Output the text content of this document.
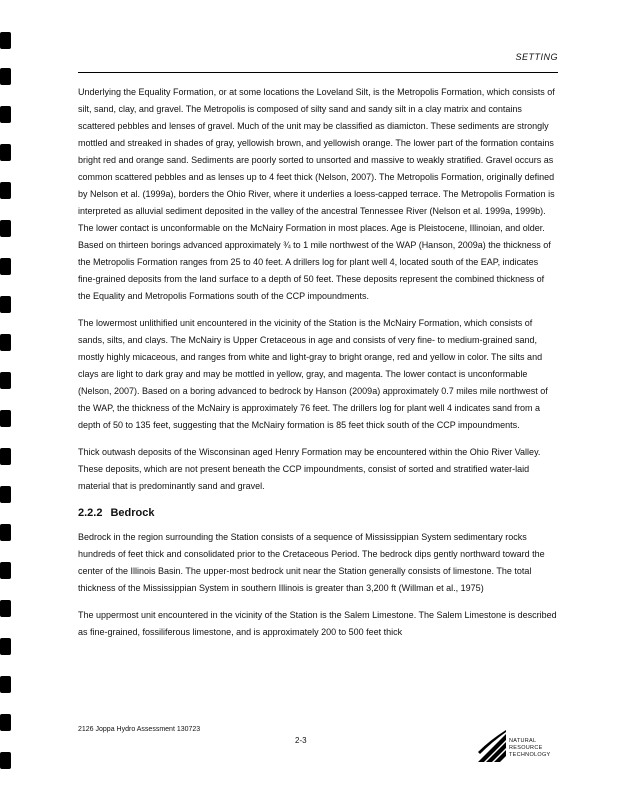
SETTING

Underlying the Equality Formation, or at some locations the Loveland Silt, is the Metropolis Formation, which consists of silt, sand, clay, and gravel. The Metropolis is composed of silty sand and sandy silt in a clay matrix and contains scattered pebbles and lenses of gravel. Much of the unit may be classified as diamicton. These sediments are strongly mottled and streaked in shades of gray, yellowish brown, and yellowish orange. The lower part of the formation contains bright red and orange sand. Sediments are poorly sorted to unsorted and massive to weakly stratified. Gravel occurs as common scattered pebbles and as lenses up to 4 feet thick (Nelson, 2007). The Metropolis Formation, originally defined by Nelson et al. (1999a), borders the Ohio River, where it underlies a loess-capped terrace. The Metropolis Formation is interpreted as alluvial sediment deposited in the valley of the ancestral Tennessee River (Nelson et al. 1999a, 1999b). The lower contact is unconformable on the McNairy Formation in most places. Age is Pleistocene, Illinoian, and older. Based on thirteen borings advanced approximately ¾ to 1 mile northwest of the WAP (Hanson, 2009a) the thickness of the Metropolis Formation ranges from 25 to 40 feet. A drillers log for plant well 4, located south of the EAP, indicates fine-grained deposits from the land surface to a depth of 50 feet. These deposits represent the combined thickness of the Equality and Metropolis Formations south of the CCP impoundments.

The lowermost unlithified unit encountered in the vicinity of the Station is the McNairy Formation, which consists of sands, silts, and clays. The McNairy is Upper Cretaceous in age and consists of very fine- to medium-grained sand, mostly highly micaceous, and ranges from white and light-gray to bright orange, red and yellow in color. The silts and clays are light to dark gray and may be mottled in yellow, gray, and magenta. The lower contact is unconformable (Nelson, 2007). Based on a boring advanced to bedrock by Hanson (2009a) approximately 0.7 miles mile northwest of the WAP, the thickness of the McNairy is approximately 76 feet. The drillers log for plant well 4 indicates sand from a depth of 50 to 135 feet, suggesting that the McNairy formation is 85 feet thick south of the CCP impoundments.

Thick outwash deposits of the Wisconsinan aged Henry Formation may be encountered within the Ohio River Valley. These deposits, which are not present beneath the CCP impoundments, consist of sorted and stratified water-laid material that is predominantly sand and gravel.

2.2.2 Bedrock

Bedrock in the region surrounding the Station consists of a sequence of Mississippian System sedimentary rocks hundreds of feet thick and consolidated prior to the Cretaceous Period. The bedrock dips gently northward toward the center of the Illinois Basin. The upper-most bedrock unit near the Station generally consists of limestone. The total thickness of the Mississippian System in southern Illinois is greater than 3,200 ft (Willman et al., 1975)

The uppermost unit encountered in the vicinity of the Station is the Salem Limestone. The Salem Limestone is described as fine-grained, fossiliferous limestone, and is approximately 200 to 500 feet thick

2126 Joppa Hydro Assessment 130723
2-3	NATURAL
RESOURCE
TECHNOLOGY
